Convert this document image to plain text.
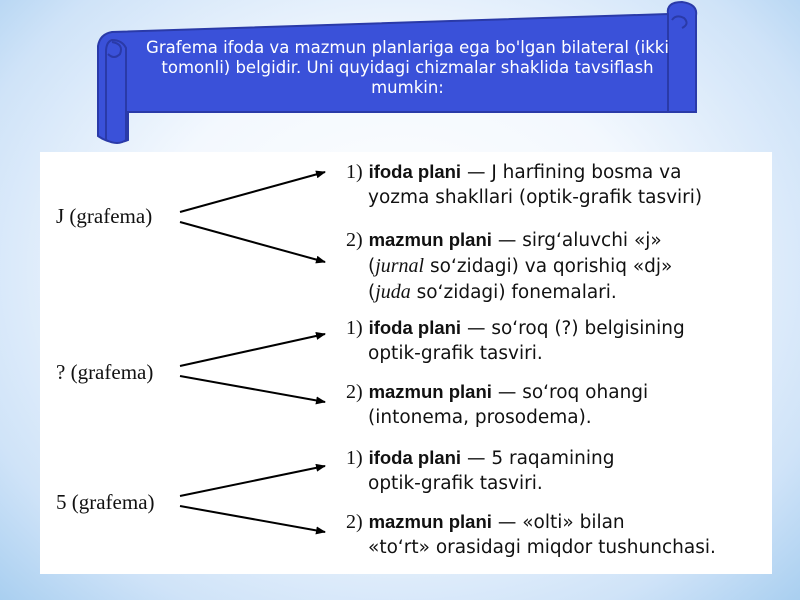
Grafema ifoda va mazmun planlariga ega bo'lgan bilateral (ikki tomonli) belgidir. Uni quyidagi chizmalar shaklida tavsiflash mumkin:
J (grafema)
1) ifoda plani — J harfining bosma va
yozma shakllari (optik-grafik tasviri)
2) mazmun plani — sirg‘aluvchi «j»
(jurnal so‘zidagi) va qorishiq «dj»
(juda so‘zidagi) fonemalari.
? (grafema)
1) ifoda plani — so‘roq (?) belgisining
optik-grafik tasviri.
2) mazmun plani — so‘roq ohangi
(intonema, prosodema).
5 (grafema)
1) ifoda plani — 5 raqamining
optik-grafik tasviri.
2) mazmun plani — «olti» bilan
«to‘rt» orasidagi miqdor tushunchasi.
